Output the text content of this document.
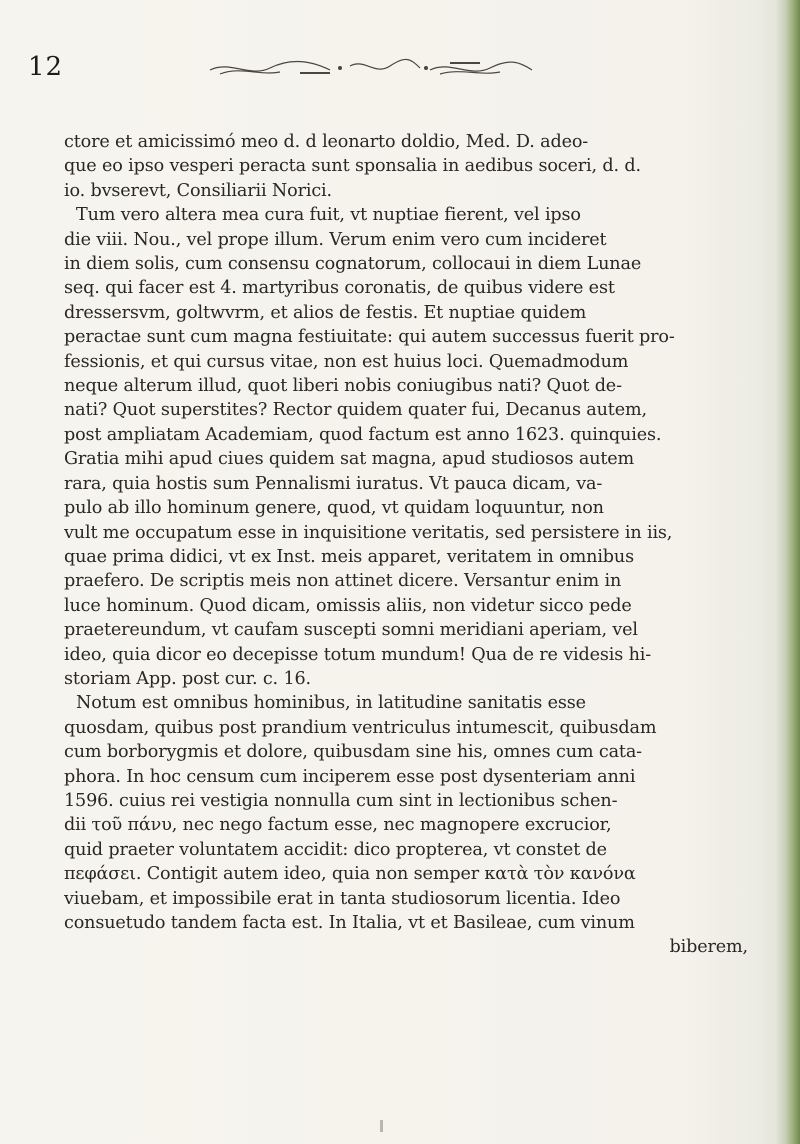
12
ctore et amicissimó meo d. d leonarto doldio, Med. D. adeo-
que eo ipso vesperi peracta sunt sponsalia in aedibus soceri, d. d.
io. bvserevt, Consiliarii Norici.
Tum vero altera mea cura fuit, vt nuptiae fierent, vel ipso
die viii. Nou., vel prope illum. Verum enim vero cum incideret
in diem solis, cum consensu cognatorum, collocaui in diem Lunae
seq. qui facer est 4. martyribus coronatis, de quibus videre est
dressersvm, goltwvrm, et alios de festis. Et nuptiae quidem
peractae sunt cum magna festiuitate: qui autem successus fuerit pro-
fessionis, et qui cursus vitae, non est huius loci. Quemadmodum
neque alterum illud, quot liberi nobis coniugibus nati? Quot de-
nati? Quot superstites? Rector quidem quater fui, Decanus autem,
post ampliatam Academiam, quod factum est anno 1623. quinquies.
Gratia mihi apud ciues quidem sat magna, apud studiosos autem
rara, quia hostis sum Pennalismi iuratus. Vt pauca dicam, va-
pulo ab illo hominum genere, quod, vt quidam loquuntur, non
vult me occupatum esse in inquisitione veritatis, sed persistere in iis,
quae prima didici, vt ex Inst. meis apparet, veritatem in omnibus
praefero. De scriptis meis non attinet dicere. Versantur enim in
luce hominum. Quod dicam, omissis aliis, non videtur sicco pede
praetereundum, vt caufam suscepti somni meridiani aperiam, vel
ideo, quia dicor eo decepisse totum mundum! Qua de re videsis hi-
storiam App. post cur. c. 16.
Notum est omnibus hominibus, in latitudine sanitatis esse
quosdam, quibus post prandium ventriculus intumescit, quibusdam
cum borborygmis et dolore, quibusdam sine his, omnes cum cata-
phora. In hoc censum cum inciperem esse post dysenteriam anni
1596. cuius rei vestigia nonnulla cum sint in lectionibus schen-
dii τοῦ πάνυ, nec nego factum esse, nec magnopere excrucior,
quid praeter voluntatem accidit: dico propterea, vt constet de
πεφάσει. Contigit autem ideo, quia non semper κατὰ τὸν κανόνα
viuebam, et impossibile erat in tanta studiosorum licentia. Ideo
consuetudo tandem facta est. In Italia, vt et Basileae, cum vinum
biberem,
